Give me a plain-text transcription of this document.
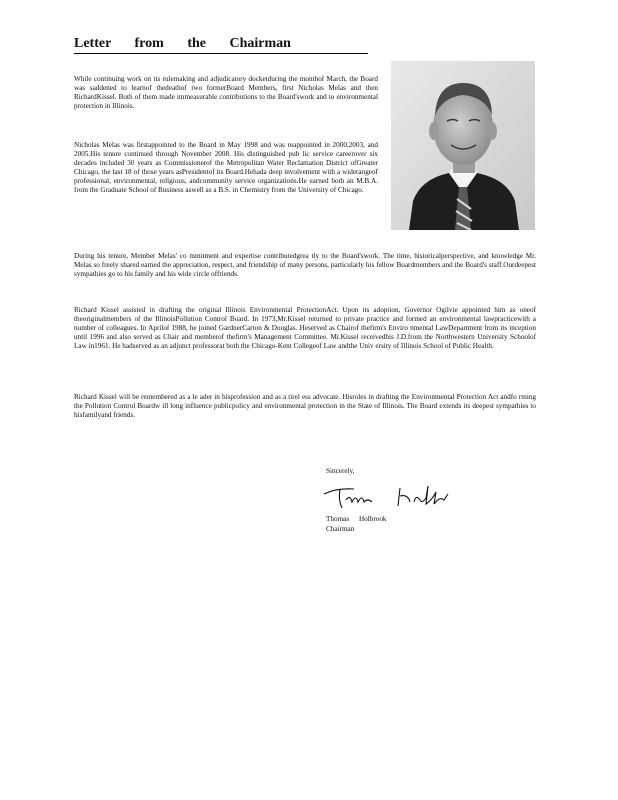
Letter from the Chairman

While continuing work on its rulemaking and adjudicatory docketduring the monthof March, the Board was saddened to learnof thedeathof two formerBoard Members, first Nicholas Melas and then RichardKissel. Both of them made immeasurable contributions to the Board'swork and to environmental protection in Illinois.

Nicholas Melas was firstappointed to the Board in May 1998 and was reappointed in 2000,2003, and 2005.His tenure continued through November 2008. His distinguished pub lic service careerover six decades included 30 years as Commissionerof the Metropolitan Water Reclamation District ofGreater Chicago, the last 18 of those years asPresidentof its Board.Hehada deep involvement with a widerangeof professional, environmental, religious, andcommunity service organizations.He earned both an M.B.A. from the Graduate School of Business aswell as a B.S. in Chemistry from the University of Chicago.

During his tenure, Member Melas' co mmitment and expertise contributedgrea tly to the Board'swork. The time, historicalperspective, and knowledge Mr. Melas so freely shared earned the appreciation, respect, and friendship of many persons, particularly his fellow Boardmembers and the Board's staff.Ourdeepest sympathies go to his family and his wide circle offriends.

Richard Kissel assisted in drafting the original Illinois Environmental ProtectionAct. Upon its adoption, Governor Ogilvie appointed him as oneof theoriginalmembers of the IllinoisPollution Control Board. In 1973,Mr.Kissel returned to private practice and formed an environmental lawpracticewith a number of colleagues. In Aprilof 1988, he joined GardnerCarton & Douglas. Heserved as Chairof thefirm's Enviro nmental LawDepartment from its inception until 1996 and also served as Chair and memberof thefirm's Management Committee. Mr.Kissel receivedhis J.D.from the Northwestern University Schoolof Law in1961. He hadserved as an adjunct professorat both the Chicago-Kent Collegeof Law andthe Univ ersity of Illinois School of Public Health.

Richard Kissel will be remembered as a le ader in hisprofession and as a tirel ess advocate. Hisroles in drafting the Environmental Protection Act andfo rming the Pollution Control Boardw ill long influence publicpolicy and environmental protection in the State of Illinois. The Board extends its deepest sympathies to hisfamilyand friends.

Sincerely,
Thomas Holbrook
Chairman
